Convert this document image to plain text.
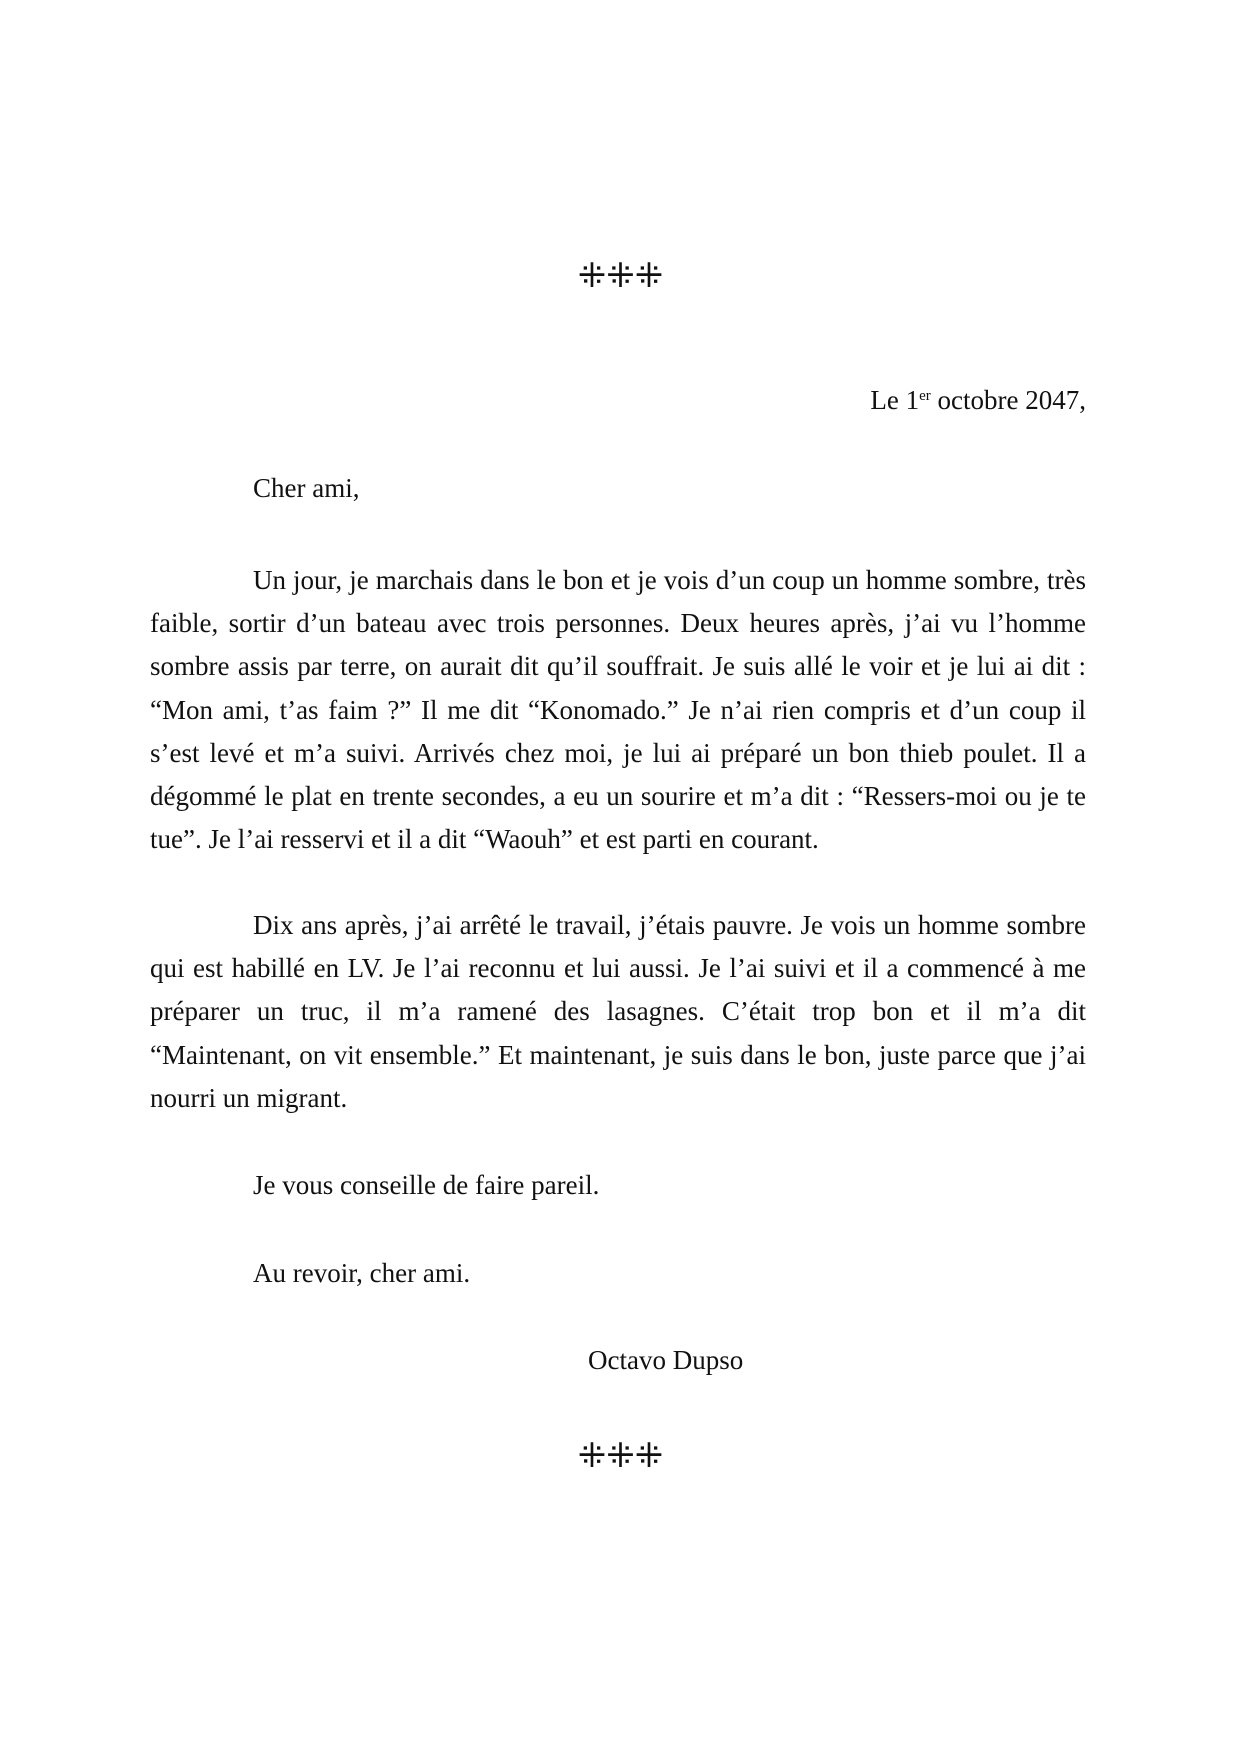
⁜⁜⁜
Le 1er octobre 2047,
Cher ami,

Un jour, je marchais dans le bon et je vois d’un coup un homme sombre, très faible, sortir d’un bateau avec trois personnes. Deux heures après, j’ai vu l’homme sombre assis par terre, on aurait dit qu’il souffrait. Je suis allé le voir et je lui ai dit : “Mon ami, t’as faim ?” Il me dit “Konomado.” Je n’ai rien compris et d’un coup il s’est levé et m’a suivi. Arrivés chez moi, je lui ai préparé un bon thieb poulet. Il a dégommé le plat en trente secondes, a eu un sourire et m’a dit : “Ressers-moi ou je te tue”. Je l’ai resservi et il a dit “Waouh” et est parti en courant.

Dix ans après, j’ai arrêté le travail, j’étais pauvre. Je vois un homme sombre qui est habillé en LV. Je l’ai reconnu et lui aussi. Je l’ai suivi et il a commencé à me préparer un truc, il m’a ramené des lasagnes. C’était trop bon et il m’a dit “Maintenant, on vit ensemble.” Et maintenant, je suis dans le bon, juste parce que j’ai nourri un migrant.

Je vous conseille de faire pareil.
Au revoir, cher ami.
Octavo Dupso
⁜⁜⁜
